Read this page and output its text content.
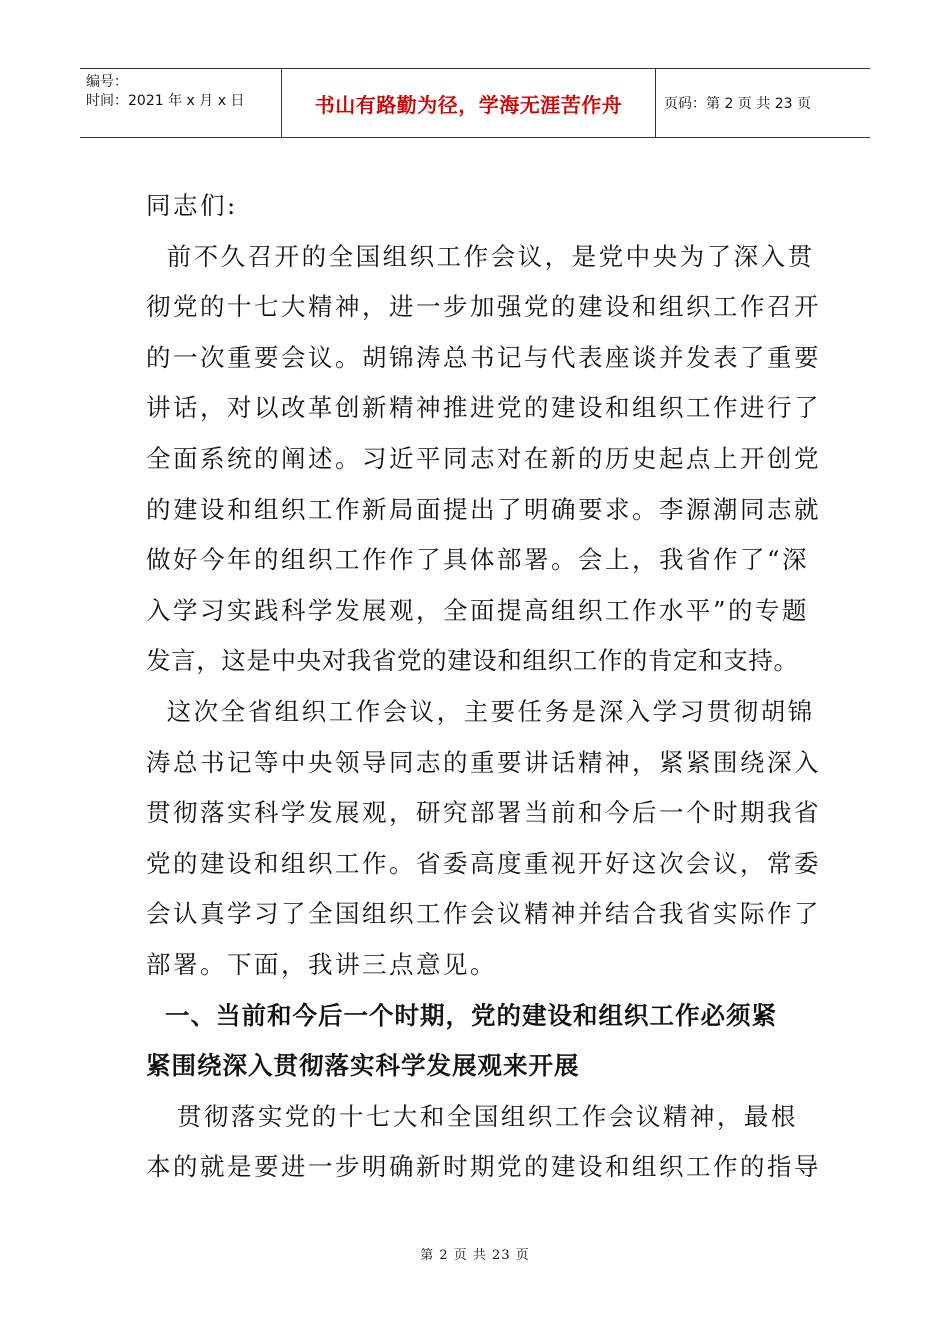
编号：
时间：2021 年 x 月 x 日	书山有路勤为径，学海无涯苦作舟	页码：第 2 页 共 23 页
同志们:
前不久召开的全国组织工作会议，是党中央为了深入贯
彻党的十七大精神，进一步加强党的建设和组织工作召开
的一次重要会议。胡锦涛总书记与代表座谈并发表了重要
讲话，对以改革创新精神推进党的建设和组织工作进行了
全面系统的阐述。习近平同志对在新的历史起点上开创党
的建设和组织工作新局面提出了明确要求。李源潮同志就
做好今年的组织工作作了具体部署。会上，我省作了“深
入学习实践科学发展观，全面提高组织工作水平”的专题
发言，这是中央对我省党的建设和组织工作的肯定和支持。
这次全省组织工作会议，主要任务是深入学习贯彻胡锦
涛总书记等中央领导同志的重要讲话精神，紧紧围绕深入
贯彻落实科学发展观，研究部署当前和今后一个时期我省
党的建设和组织工作。省委高度重视开好这次会议，常委
会认真学习了全国组织工作会议精神并结合我省实际作了
部署。下面，我讲三点意见。
一、当前和今后一个时期，党的建设和组织工作必须紧
紧围绕深入贯彻落实科学发展观来开展
贯彻落实党的十七大和全国组织工作会议精神，最根
本的就是要进一步明确新时期党的建设和组织工作的指导
第 2 页 共 23 页
